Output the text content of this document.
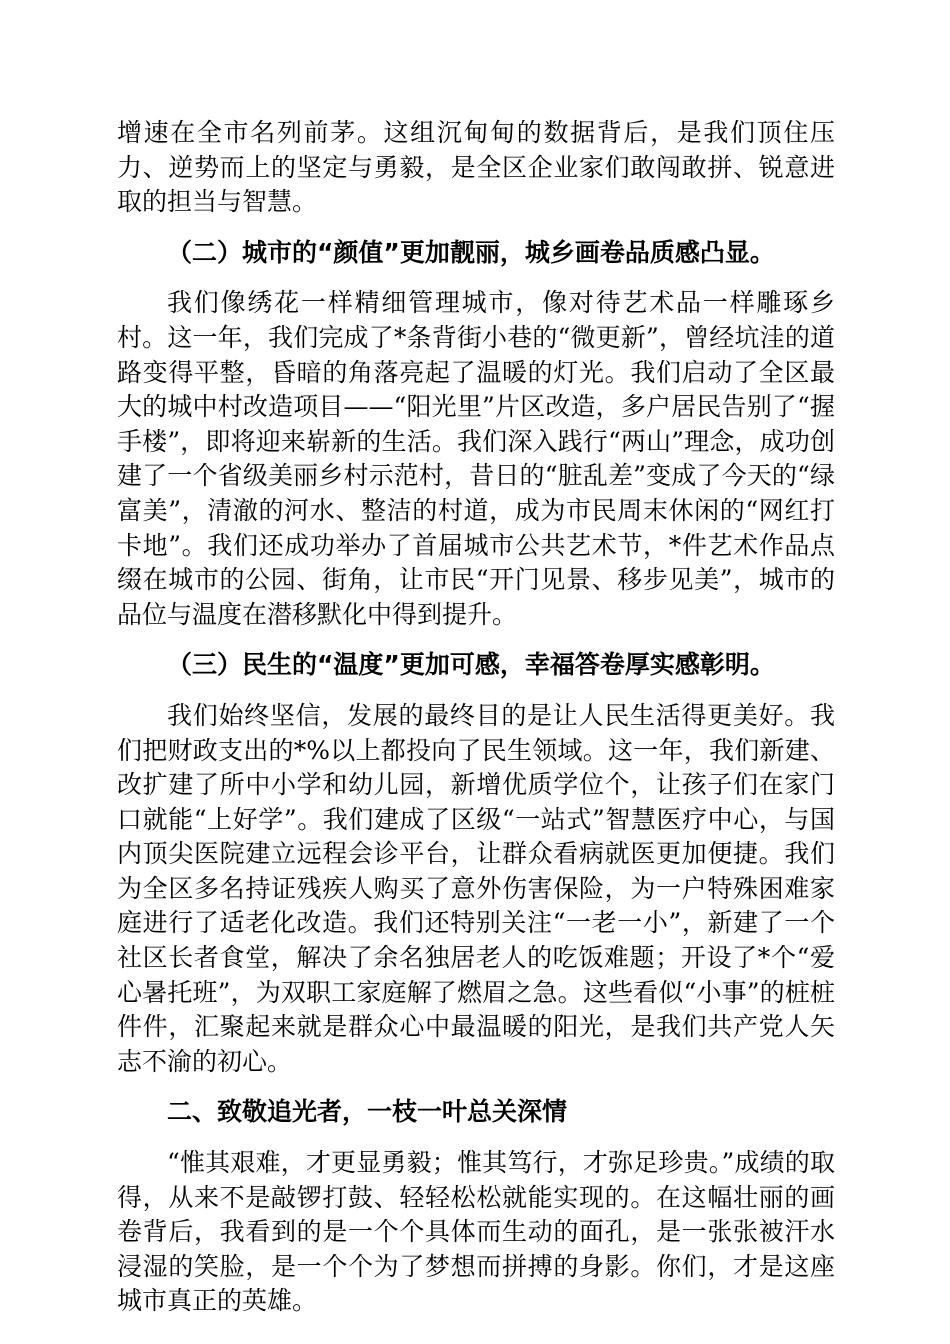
增速在全市名列前茅。这组沉甸甸的数据背后，是我们顶住压力、逆势而上的坚定与勇毅，是全区企业家们敢闯敢拼、锐意进取的担当与智慧。

（二）城市的“颜值”更加靓丽，城乡画卷品质感凸显。

我们像绣花一样精细管理城市，像对待艺术品一样雕琢乡村。这一年，我们完成了*条背街小巷的“微更新”，曾经坑洼的道路变得平整，昏暗的角落亮起了温暖的灯光。我们启动了全区最大的城中村改造项目——“阳光里”片区改造，多户居民告别了“握手楼”，即将迎来崭新的生活。我们深入践行“两山”理念，成功创建了一个省级美丽乡村示范村，昔日的“脏乱差”变成了今天的“绿富美”，清澈的河水、整洁的村道，成为市民周末休闲的“网红打卡地”。我们还成功举办了首届城市公共艺术节，*件艺术作品点缀在城市的公园、街角，让市民“开门见景、移步见美”，城市的品位与温度在潜移默化中得到提升。

（三）民生的“温度”更加可感，幸福答卷厚实感彰明。

我们始终坚信，发展的最终目的是让人民生活得更美好。我们把财政支出的*%以上都投向了民生领域。这一年，我们新建、改扩建了所中小学和幼儿园，新增优质学位个，让孩子们在家门口就能“上好学”。我们建成了区级“一站式”智慧医疗中心，与国内顶尖医院建立远程会诊平台，让群众看病就医更加便捷。我们为全区多名持证残疾人购买了意外伤害保险，为一户特殊困难家庭进行了适老化改造。我们还特别关注“一老一小”，新建了一个社区长者食堂，解决了余名独居老人的吃饭难题；开设了*个“爱心暑托班”，为双职工家庭解了燃眉之急。这些看似“小事”的桩桩件件，汇聚起来就是群众心中最温暖的阳光，是我们共产党人矢志不渝的初心。

二、致敬追光者，一枝一叶总关深情

“惟其艰难，才更显勇毅；惟其笃行，才弥足珍贵。”成绩的取得，从来不是敲锣打鼓、轻轻松松就能实现的。在这幅壮丽的画卷背后，我看到的是一个个具体而生动的面孔，是一张张被汗水浸湿的笑脸，是一个个为了梦想而拼搏的身影。你们，才是这座城市真正的英雄。
